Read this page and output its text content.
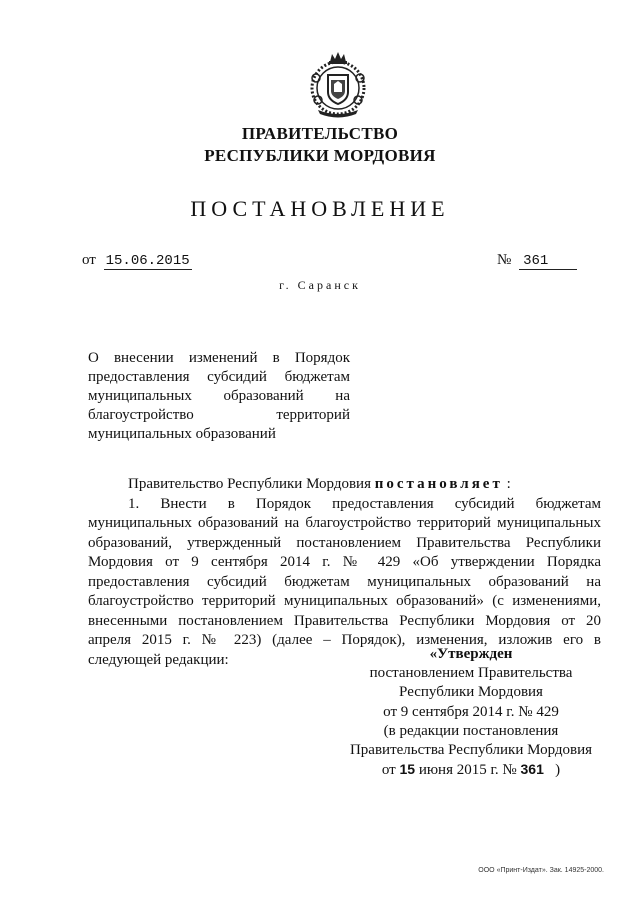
ПРАВИТЕЛЬСТВО
РЕСПУБЛИКИ МОРДОВИЯ
ПОСТАНОВЛЕНИЕ
от 15.06.2015	№ 361
г. Саранск
О внесении изменений в Порядок
предоставления субсидий бюджетам
муниципальных образований на
благоустройство территорий
муниципальных образований
Правительство Республики Мордовия постановляет :
1. Внести в Порядок предоставления субсидий бюджетам
муниципальных образований на благоустройство территорий муниципальных
образований, утвержденный постановлением Правительства Республики
Мордовия от 9 сентября 2014 г. № 429 «Об утверждении Порядка
предоставления субсидий бюджетам муниципальных образований на
благоустройство территорий муниципальных образований» (с изменениями,
внесенными постановлением Правительства Республики Мордовия от 20
апреля 2015 г. № 223) (далее – Порядок), изменения, изложив его в
следующей редакции:	«Утвержден
постановлением Правительства
Республики Мордовия
от 9 сентября 2014 г. № 429
(в редакции постановления
Правительства Республики Мордовия
от 15 июня 2015 г. № 361 )
ООО «Принт-Издат». Зак. 14925-2000.
